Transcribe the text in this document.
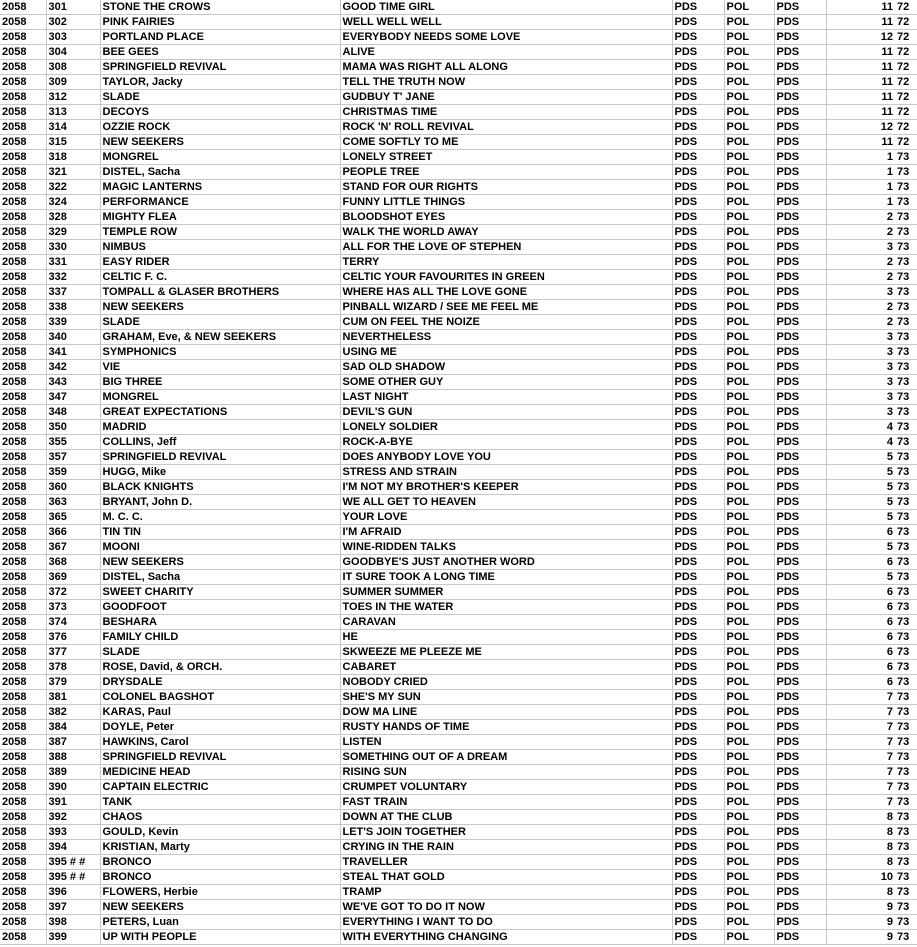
2058	301	STONE THE CROWS	GOOD TIME GIRL	PDS	POL	PDS	11	72
2058	302	PINK FAIRIES	WELL WELL WELL	PDS	POL	PDS	11	72
2058	303	PORTLAND PLACE	EVERYBODY NEEDS SOME LOVE	PDS	POL	PDS	12	72
2058	304	BEE GEES	ALIVE	PDS	POL	PDS	11	72
2058	308	SPRINGFIELD REVIVAL	MAMA WAS RIGHT ALL ALONG	PDS	POL	PDS	11	72
2058	309	TAYLOR, Jacky	TELL THE TRUTH NOW	PDS	POL	PDS	11	72
2058	312	SLADE	GUDBUY T' JANE	PDS	POL	PDS	11	72
2058	313	DECOYS	CHRISTMAS TIME	PDS	POL	PDS	11	72
2058	314	OZZIE ROCK	ROCK 'N' ROLL REVIVAL	PDS	POL	PDS	12	72
2058	315	NEW SEEKERS	COME SOFTLY TO ME	PDS	POL	PDS	11	72
2058	318	MONGREL	LONELY STREET	PDS	POL	PDS	1	73
2058	321	DISTEL, Sacha	PEOPLE TREE	PDS	POL	PDS	1	73
2058	322	MAGIC LANTERNS	STAND FOR OUR RIGHTS	PDS	POL	PDS	1	73
2058	324	PERFORMANCE	FUNNY LITTLE THINGS	PDS	POL	PDS	1	73
2058	328	MIGHTY FLEA	BLOODSHOT EYES	PDS	POL	PDS	2	73
2058	329	TEMPLE ROW	WALK THE WORLD AWAY	PDS	POL	PDS	2	73
2058	330	NIMBUS	ALL FOR THE LOVE OF STEPHEN	PDS	POL	PDS	3	73
2058	331	EASY RIDER	TERRY	PDS	POL	PDS	2	73
2058	332	CELTIC F. C.	CELTIC YOUR FAVOURITES IN GREEN	PDS	POL	PDS	2	73
2058	337	TOMPALL & GLASER BROTHERS	WHERE HAS ALL THE LOVE GONE	PDS	POL	PDS	3	73
2058	338	NEW SEEKERS	PINBALL WIZARD / SEE ME FEEL ME	PDS	POL	PDS	2	73
2058	339	SLADE	CUM ON FEEL THE NOIZE	PDS	POL	PDS	2	73
2058	340	GRAHAM, Eve, & NEW SEEKERS	NEVERTHELESS	PDS	POL	PDS	3	73
2058	341	SYMPHONICS	USING ME	PDS	POL	PDS	3	73
2058	342	VIE	SAD OLD SHADOW	PDS	POL	PDS	3	73
2058	343	BIG THREE	SOME OTHER GUY	PDS	POL	PDS	3	73
2058	347	MONGREL	LAST NIGHT	PDS	POL	PDS	3	73
2058	348	GREAT EXPECTATIONS	DEVIL'S GUN	PDS	POL	PDS	3	73
2058	350	MADRID	LONELY SOLDIER	PDS	POL	PDS	4	73
2058	355	COLLINS, Jeff	ROCK-A-BYE	PDS	POL	PDS	4	73
2058	357	SPRINGFIELD REVIVAL	DOES ANYBODY LOVE YOU	PDS	POL	PDS	5	73
2058	359	HUGG, Mike	STRESS AND STRAIN	PDS	POL	PDS	5	73
2058	360	BLACK KNIGHTS	I'M NOT MY BROTHER'S KEEPER	PDS	POL	PDS	5	73
2058	363	BRYANT, John D.	WE ALL GET TO HEAVEN	PDS	POL	PDS	5	73
2058	365	M. C. C.	YOUR LOVE	PDS	POL	PDS	5	73
2058	366	TIN TIN	I'M AFRAID	PDS	POL	PDS	6	73
2058	367	MOONI	WINE-RIDDEN TALKS	PDS	POL	PDS	5	73
2058	368	NEW SEEKERS	GOODBYE'S JUST ANOTHER WORD	PDS	POL	PDS	6	73
2058	369	DISTEL, Sacha	IT SURE TOOK A LONG TIME	PDS	POL	PDS	5	73
2058	372	SWEET CHARITY	SUMMER SUMMER	PDS	POL	PDS	6	73
2058	373	GOODFOOT	TOES IN THE WATER	PDS	POL	PDS	6	73
2058	374	BESHARA	CARAVAN	PDS	POL	PDS	6	73
2058	376	FAMILY CHILD	HE	PDS	POL	PDS	6	73
2058	377	SLADE	SKWEEZE ME PLEEZE ME	PDS	POL	PDS	6	73
2058	378	ROSE, David, & ORCH.	CABARET	PDS	POL	PDS	6	73
2058	379	DRYSDALE	NOBODY CRIED	PDS	POL	PDS	6	73
2058	381	COLONEL BAGSHOT	SHE'S MY SUN	PDS	POL	PDS	7	73
2058	382	KARAS, Paul	DOW MA LINE	PDS	POL	PDS	7	73
2058	384	DOYLE, Peter	RUSTY HANDS OF TIME	PDS	POL	PDS	7	73
2058	387	HAWKINS, Carol	LISTEN	PDS	POL	PDS	7	73
2058	388	SPRINGFIELD REVIVAL	SOMETHING OUT OF A DREAM	PDS	POL	PDS	7	73
2058	389	MEDICINE HEAD	RISING SUN	PDS	POL	PDS	7	73
2058	390	CAPTAIN ELECTRIC	CRUMPET VOLUNTARY	PDS	POL	PDS	7	73
2058	391	TANK	FAST TRAIN	PDS	POL	PDS	7	73
2058	392	CHAOS	DOWN AT THE CLUB	PDS	POL	PDS	8	73
2058	393	GOULD, Kevin	LET'S JOIN TOGETHER	PDS	POL	PDS	8	73
2058	394	KRISTIAN, Marty	CRYING IN THE RAIN	PDS	POL	PDS	8	73
2058	395 # #	BRONCO	TRAVELLER	PDS	POL	PDS	8	73
2058	395 # #	BRONCO	STEAL THAT GOLD	PDS	POL	PDS	10	73
2058	396	FLOWERS, Herbie	TRAMP	PDS	POL	PDS	8	73
2058	397	NEW SEEKERS	WE'VE GOT TO DO IT NOW	PDS	POL	PDS	9	73
2058	398	PETERS, Luan	EVERYTHING I WANT TO DO	PDS	POL	PDS	9	73
2058	399	UP WITH PEOPLE	WITH EVERYTHING CHANGING	PDS	POL	PDS	9	73
